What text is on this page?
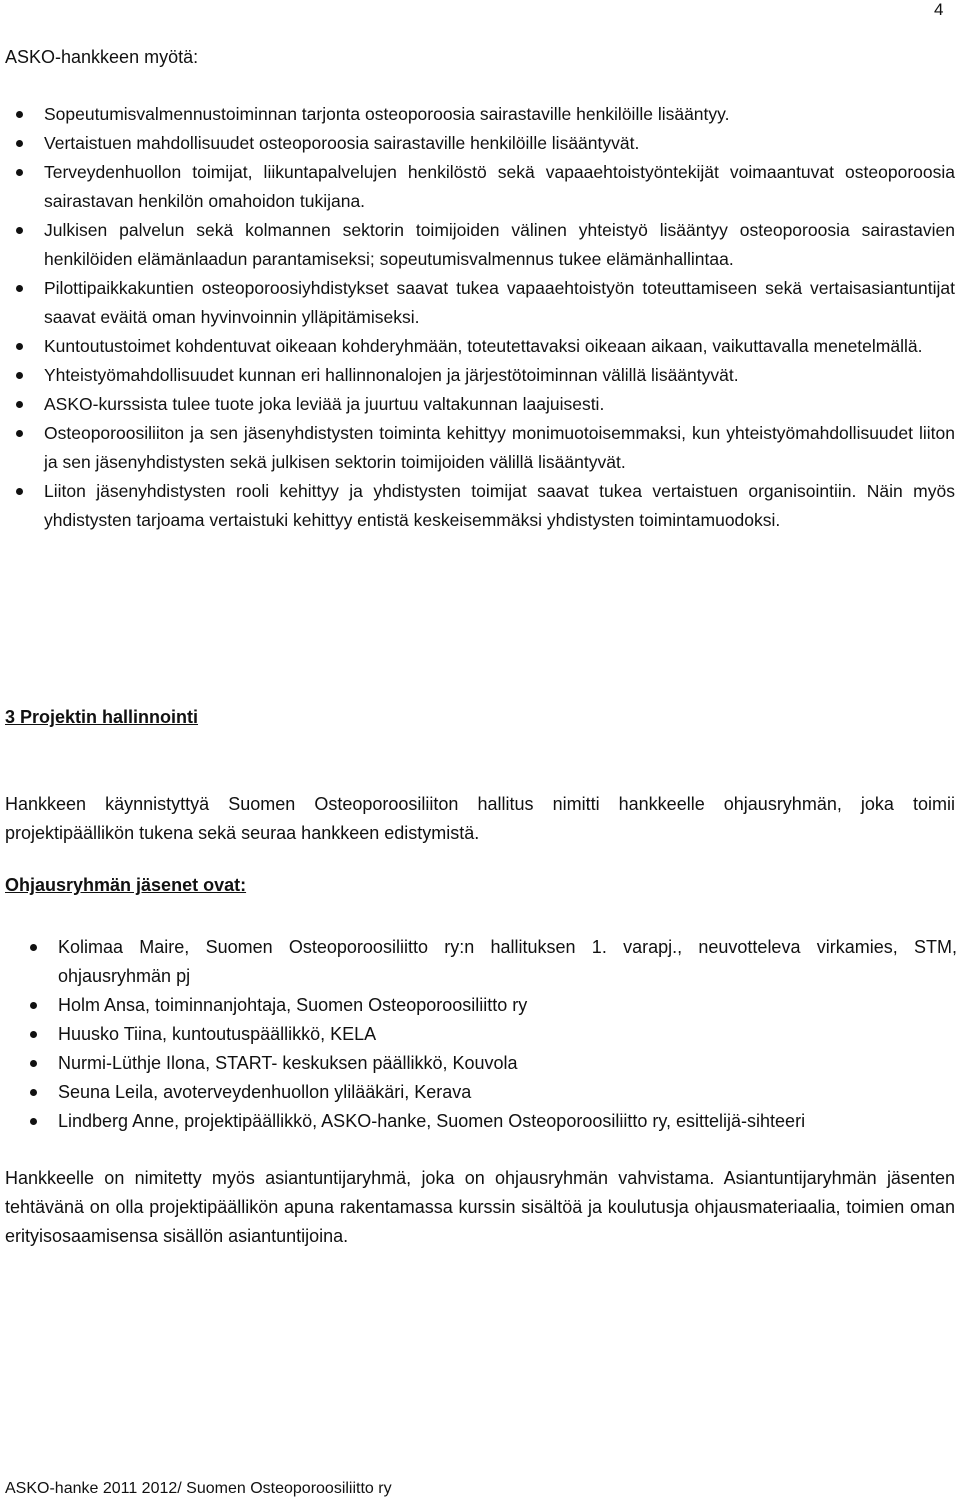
4
ASKO-hankkeen myötä:
Sopeutumisvalmennustoiminnan tarjonta osteoporoosia sairastaville henkilöille lisääntyy.
Vertaistuen mahdollisuudet osteoporoosia sairastaville henkilöille lisääntyvät.
Terveydenhuollon toimijat, liikuntapalvelujen henkilöstö sekä vapaaehtoistyöntekijät voimaantuvat osteoporoosia sairastavan henkilön omahoidon tukijana.
Julkisen palvelun sekä kolmannen sektorin toimijoiden välinen yhteistyö lisääntyy osteoporoosia sairastavien henkilöiden elämänlaadun parantamiseksi; sopeutumisvalmennus tukee elämänhallintaa.
Pilottipaikkakuntien osteoporoosiyhdistykset saavat tukea vapaaehtoistyön toteuttamiseen sekä vertaisasiantuntijat saavat eväitä oman hyvinvoinnin ylläpitämiseksi.
Kuntoutustoimet kohdentuvat oikeaan kohderyhmään, toteutettavaksi oikeaan aikaan, vaikuttavalla menetelmällä.
Yhteistyömahdollisuudet kunnan eri hallinnonalojen ja järjestötoiminnan välillä lisääntyvät.
ASKO-kurssista tulee tuote joka leviää ja juurtuu valtakunnan laajuisesti.
Osteoporoosiliiton ja sen jäsenyhdistysten toiminta kehittyy monimuotoisemmaksi, kun yhteistyömahdollisuudet liiton ja sen jäsenyhdistysten sekä julkisen sektorin toimijoiden välillä lisääntyvät.
Liiton jäsenyhdistysten rooli kehittyy ja yhdistysten toimijat saavat tukea vertaistuen organisointiin. Näin myös yhdistysten tarjoama vertaistuki kehittyy entistä keskeisemmäksi yhdistysten toimintamuodoksi.
3 Projektin hallinnointi

Hankkeen käynnistyttyä Suomen Osteoporoosiliiton hallitus nimitti hankkeelle ohjausryhmän, joka toimii projektipäällikön tukena sekä seuraa hankkeen edistymistä.

Ohjausryhmän jäsenet ovat:
Kolimaa Maire, Suomen Osteoporoosiliitto ry:n hallituksen 1. varapj., neuvotteleva virkamies, STM, ohjausryhmän pj
Holm Ansa, toiminnanjohtaja, Suomen Osteoporoosiliitto ry
Huusko Tiina, kuntoutuspäällikkö, KELA
Nurmi-Lüthje Ilona, START- keskuksen päällikkö, Kouvola
Seuna Leila, avoterveydenhuollon ylilääkäri, Kerava
Lindberg Anne, projektipäällikkö, ASKO-hanke, Suomen Osteoporoosiliitto ry, esittelijä-sihteeri

Hankkeelle on nimitetty myös asiantuntijaryhmä, joka on ohjausryhmän vahvistama. Asiantuntijaryhmän jäsenten tehtävänä on olla projektipäällikön apuna rakentamassa kurssin sisältöä ja koulutusja ohjausmateriaalia, toimien oman erityisosaamisensa sisällön asiantuntijoina.

ASKO-hanke 2011 2012/ Suomen Osteoporoosiliitto ry
